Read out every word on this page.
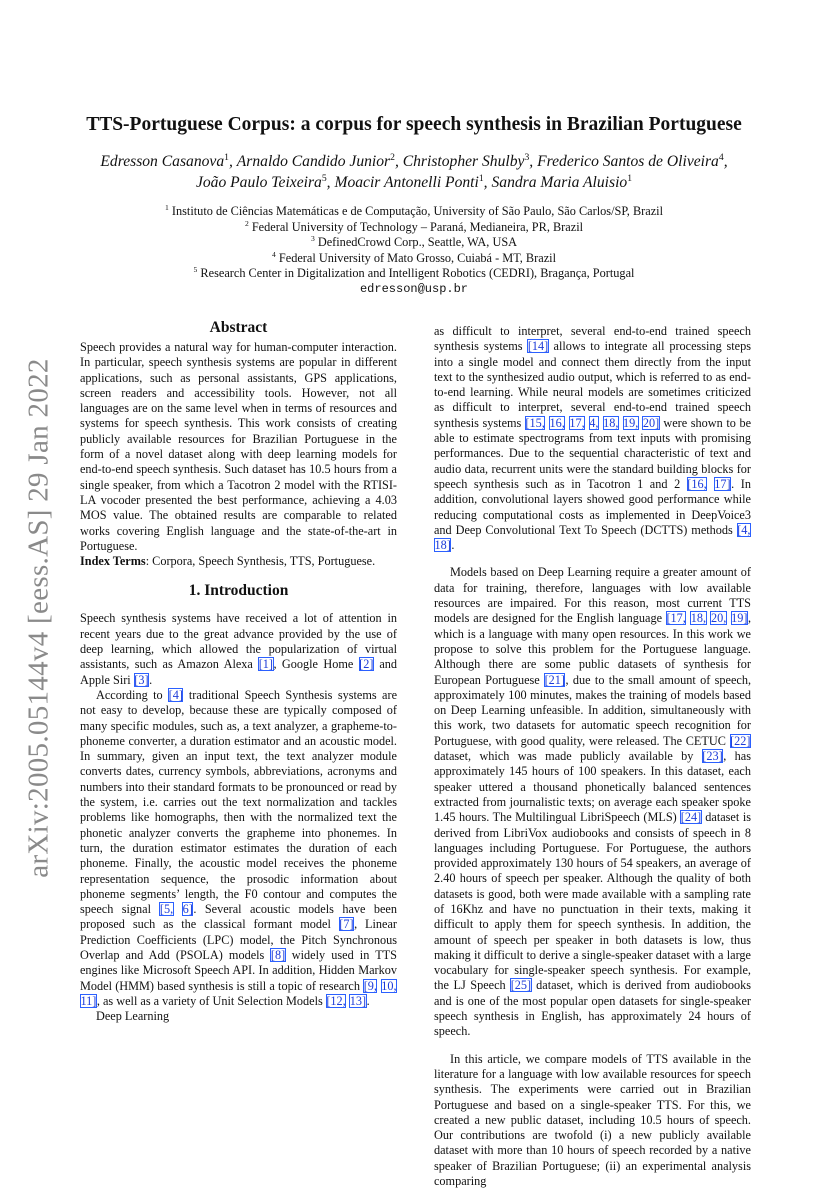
arXiv:2005.05144v4 [eess.AS] 29 Jan 2022
TTS-Portuguese Corpus: a corpus for speech synthesis in Brazilian Portuguese
Edresson Casanova$^1$, Arnaldo Candido Junior$^2$, Christopher Shulby$^3$, Frederico Santos de Oliveira$^4$, João Paulo Teixeira$^5$, Moacir Antonelli Ponti$^1$, Sandra Maria Aluisio$^1$
$^1$ Instituto de Ciências Matemáticas e de Computação, University of São Paulo, São Carlos/SP, Brazil
$^2$ Federal University of Technology – Paraná, Medianeira, PR, Brazil
$^3$ DefinedCrowd Corp., Seattle, WA, USA
$^4$ Federal University of Mato Grosso, Cuiabá - MT, Brazil
$^5$ Research Center in Digitalization and Intelligent Robotics (CEDRI), Bragança, Portugal
edresson@usp.br
Abstract

Speech provides a natural way for human-computer interaction. In particular, speech synthesis systems are popular in different applications, such as personal assistants, GPS applications, screen readers and accessibility tools. However, not all languages are on the same level when in terms of resources and systems for speech synthesis. This work consists of creating publicly available resources for Brazilian Portuguese in the form of a novel dataset along with deep learning models for end-to-end speech synthesis. Such dataset has 10.5 hours from a single speaker, from which a Tacotron 2 model with the RTISI-LA vocoder presented the best performance, achieving a 4.03 MOS value. The obtained results are comparable to related works covering English language and the state-of-the-art in Portuguese.

Index Terms: Corpora, Speech Synthesis, TTS, Portuguese.

1. Introduction

Speech synthesis systems have received a lot of attention in recent years due to the great advance provided by the use of deep learning, which allowed the popularization of virtual assistants, such as Amazon Alexa [1], Google Home [2] and Apple Siri [3].

According to [4] traditional Speech Synthesis systems are not easy to develop, because these are typically composed of many specific modules, such as, a text analyzer, a grapheme-to-phoneme converter, a duration estimator and an acoustic model. In summary, given an input text, the text analyzer module converts dates, currency symbols, abbreviations, acronyms and numbers into their standard formats to be pronounced or read by the system, i.e. carries out the text normalization and tackles problems like homographs, then with the normalized text the phonetic analyzer converts the grapheme into phonemes. In turn, the duration estimator estimates the duration of each phoneme. Finally, the acoustic model receives the phoneme representation sequence, the prosodic information about phoneme segments’ length, the F0 contour and computes the speech signal [5, 6]. Several acoustic models have been proposed such as the classical formant model [7], Linear Prediction Coefficients (LPC) model, the Pitch Synchronous Overlap and Add (PSOLA) models [8] widely used in TTS engines like Microsoft Speech API. In addition, Hidden Markov Model (HMM) based synthesis is still a topic of research [9, 10, 11], as well as a variety of Unit Selection Models [12, 13].

Deep Learning

as difficult to interpret, several end-to-end trained speech synthesis systems [14] allows to integrate all processing steps into a single model and connect them directly from the input text to the synthesized audio output, which is referred to as end-to-end learning. While neural models are sometimes criticized as difficult to interpret, several end-to-end trained speech synthesis systems [15, 16, 17, 4, 18, 19, 20] were shown to be able to estimate spectrograms from text inputs with promising performances. Due to the sequential characteristic of text and audio data, recurrent units were the standard building blocks for speech synthesis such as in Tacotron 1 and 2 [16, 17]. In addition, convolutional layers showed good performance while reducing computational costs as implemented in DeepVoice3 and Deep Convolutional Text To Speech (DCTTS) methods [4, 18].

Models based on Deep Learning require a greater amount of data for training, therefore, languages with low available resources are impaired. For this reason, most current TTS models are designed for the English language [17, 18, 20, 19], which is a language with many open resources. In this work we propose to solve this problem for the Portuguese language. Although there are some public datasets of synthesis for European Portuguese [21], due to the small amount of speech, approximately 100 minutes, makes the training of models based on Deep Learning unfeasible. In addition, simultaneously with this work, two datasets for automatic speech recognition for Portuguese, with good quality, were released. The CETUC [22] dataset, which was made publicly available by [23], has approximately 145 hours of 100 speakers. In this dataset, each speaker uttered a thousand phonetically balanced sentences extracted from journalistic texts; on average each speaker spoke 1.45 hours. The Multilingual LibriSpeech (MLS) [24] dataset is derived from LibriVox audiobooks and consists of speech in 8 languages including Portuguese. For Portuguese, the authors provided approximately 130 hours of 54 speakers, an average of 2.40 hours of speech per speaker. Although the quality of both datasets is good, both were made available with a sampling rate of 16Khz and have no punctuation in their texts, making it difficult to apply them for speech synthesis. In addition, the amount of speech per speaker in both datasets is low, thus making it difficult to derive a single-speaker dataset with a large vocabulary for single-speaker speech synthesis. For example, the LJ Speech [25] dataset, which is derived from audiobooks and is one of the most popular open datasets for single-speaker speech synthesis in English, has approximately 24 hours of speech.

In this article, we compare models of TTS available in the literature for a language with low available resources for speech synthesis. The experiments were carried out in Brazilian Portuguese and based on a single-speaker TTS. For this, we created a new public dataset, including 10.5 hours of speech. Our contributions are twofold (i) a new publicly available dataset with more than 10 hours of speech recorded by a native speaker of Brazilian Portuguese; (ii) an experimental analysis comparing
